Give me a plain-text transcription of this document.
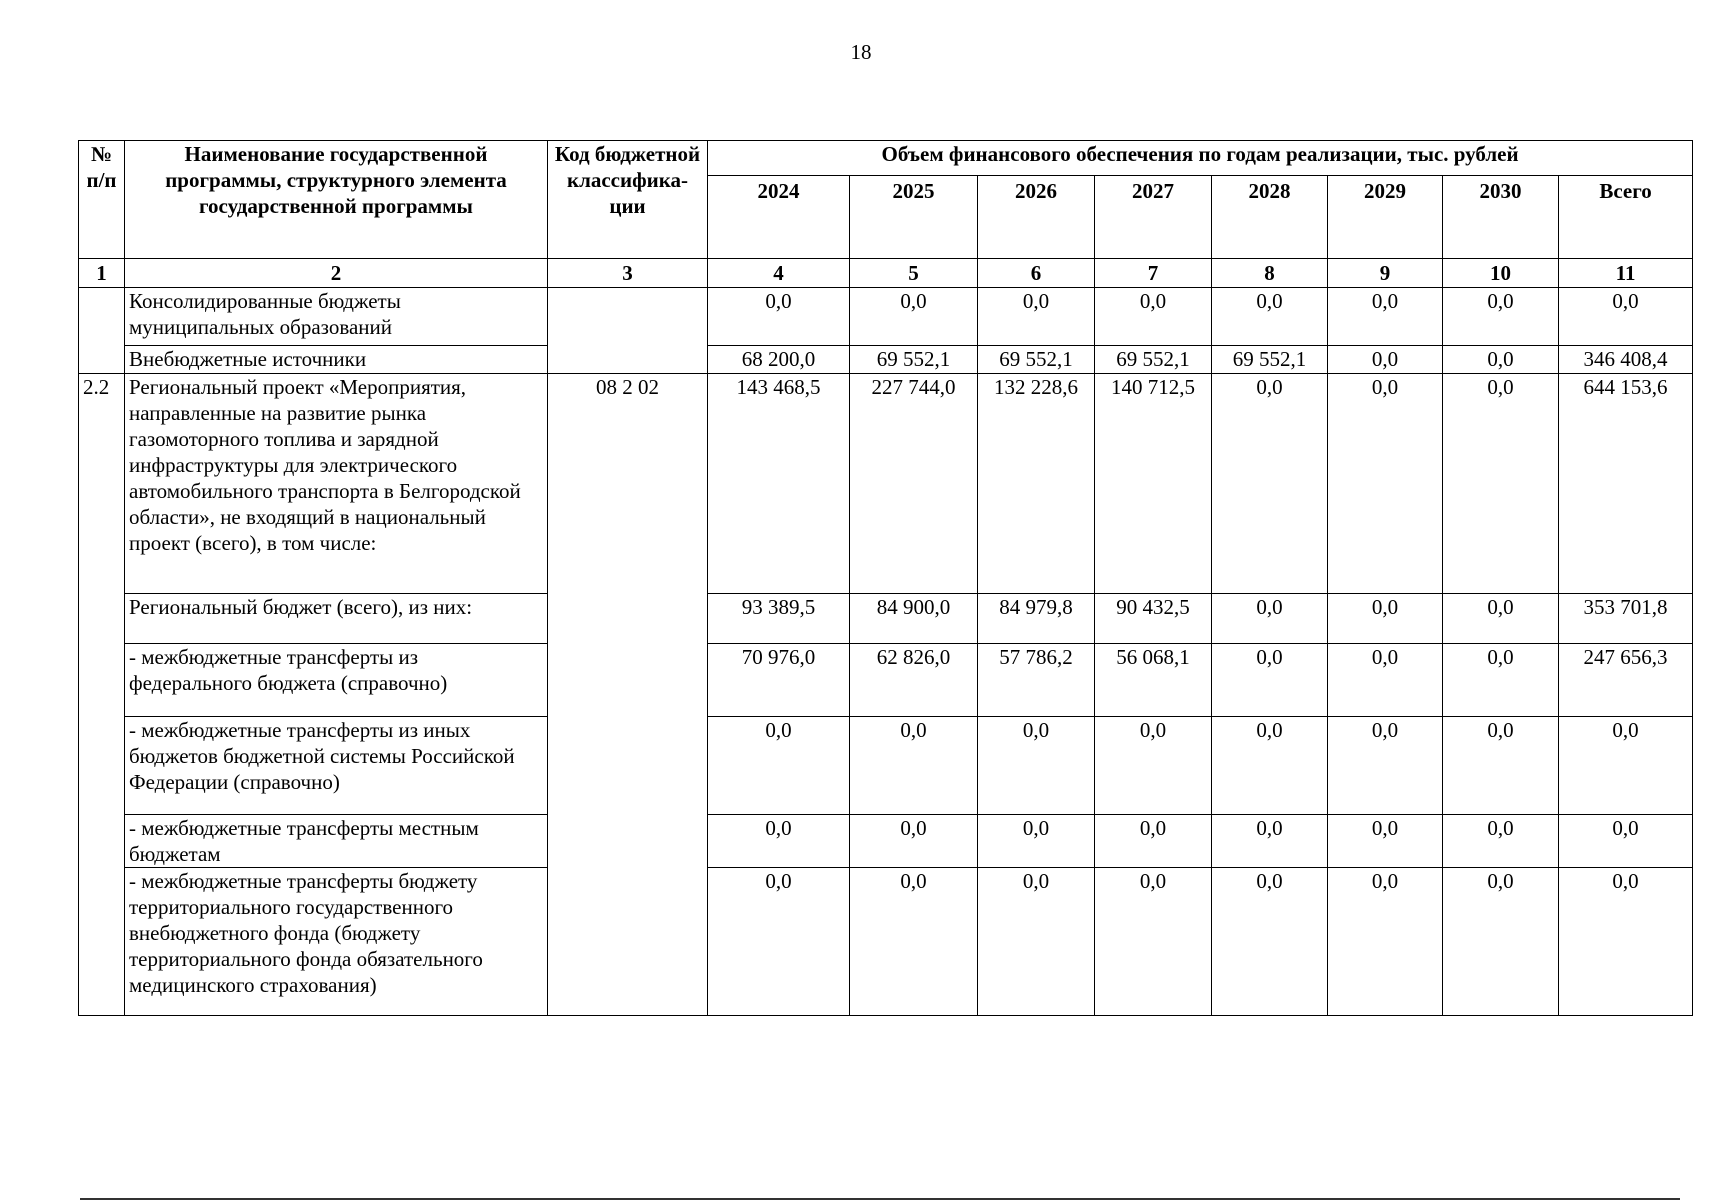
18
№ п/п	Наименование государственной программы, структурного элемента государственной программы	Код бюджетной классифика-ции	Объем финансового обеспечения по годам реализации, тыс. рублей							
			2024	2025	2026	2027	2028	2029	2030	Всего
1	2	3	4	5	6	7	8	9	10	11
	Консолидированные бюджеты муниципальных образований		0,0	0,0	0,0	0,0	0,0	0,0	0,0	0,0
	Внебюджетные источники		68 200,0	69 552,1	69 552,1	69 552,1	69 552,1	0,0	0,0	346 408,4
2.2	Региональный проект «Мероприятия, направленные на развитие рынка газомоторного топлива и зарядной инфраструктуры для электрического автомобильного транспорта в Белгородской области», не входящий в национальный проект (всего), в том числе:	08 2 02	143 468,5	227 744,0	132 228,6	140 712,5	0,0	0,0	0,0	644 153,6
	Региональный бюджет (всего), из них:		93 389,5	84 900,0	84 979,8	90 432,5	0,0	0,0	0,0	353 701,8
	- межбюджетные трансферты из федерального бюджета (справочно)		70 976,0	62 826,0	57 786,2	56 068,1	0,0	0,0	0,0	247 656,3
	- межбюджетные трансферты из иных бюджетов бюджетной системы Российской Федерации (справочно)		0,0	0,0	0,0	0,0	0,0	0,0	0,0	0,0
	- межбюджетные трансферты местным бюджетам		0,0	0,0	0,0	0,0	0,0	0,0	0,0	0,0
	- межбюджетные трансферты бюджету территориального государственного внебюджетного фонда (бюджету территориального фонда обязательного медицинского страхования)		0,0	0,0	0,0	0,0	0,0	0,0	0,0	0,0
